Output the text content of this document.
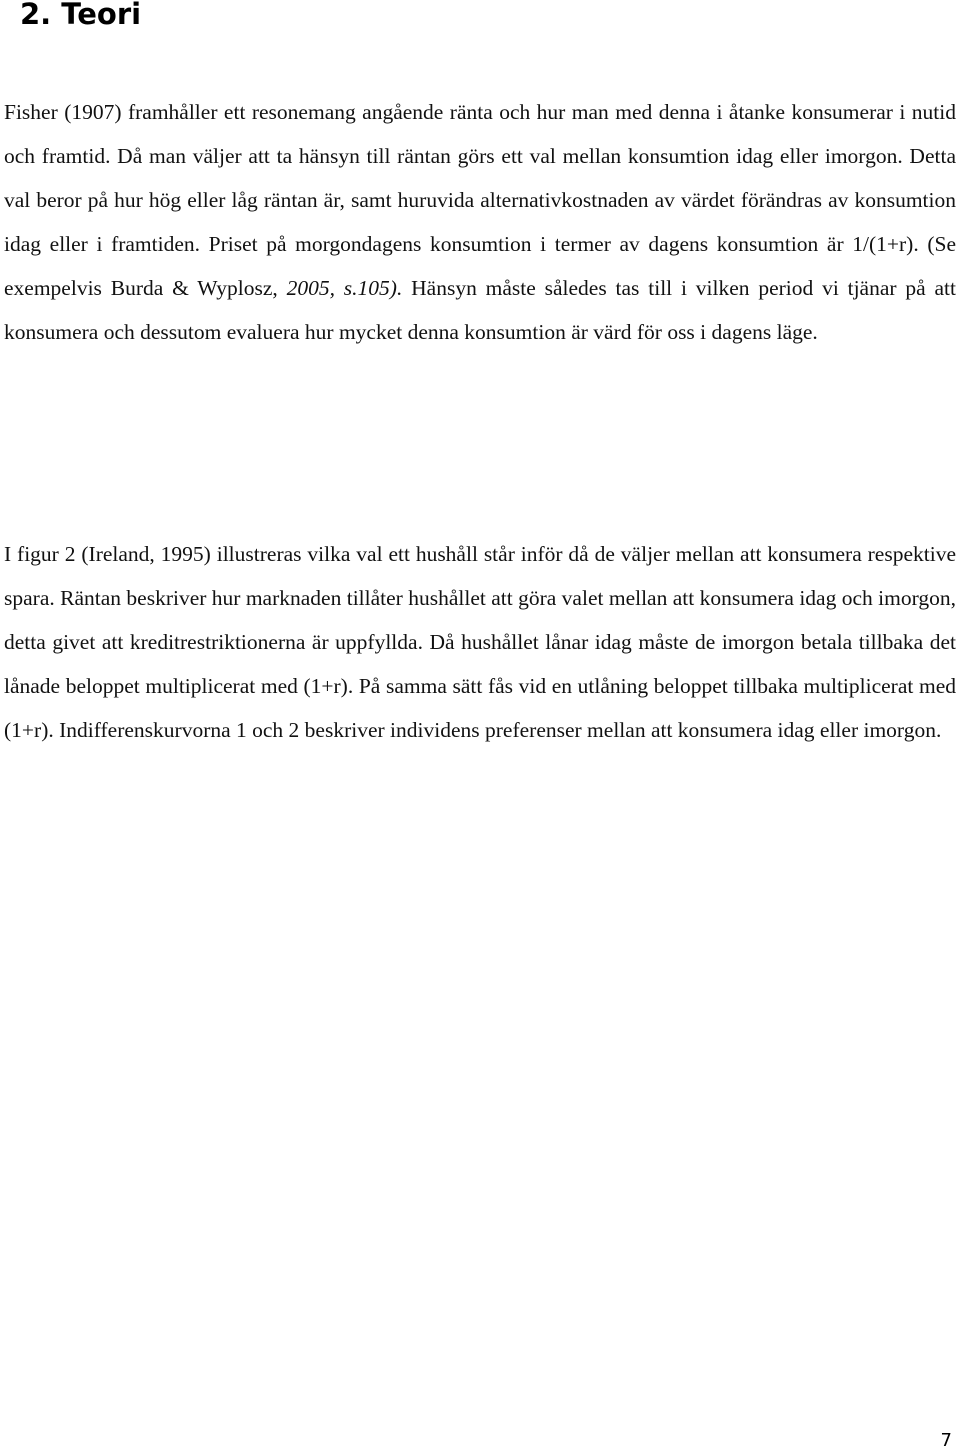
2. Teori

Fisher (1907) framhåller ett resonemang angående ränta och hur man med denna i åtanke konsumerar i nutid och framtid. Då man väljer att ta hänsyn till räntan görs ett val mellan konsumtion idag eller imorgon. Detta val beror på hur hög eller låg räntan är, samt huruvida alternativkostnaden av värdet förändras av konsumtion idag eller i framtiden. Priset på morgondagens konsumtion i termer av dagens konsumtion är 1/(1+r). (Se exempelvis Burda & Wyplosz, 2005, s.105). Hänsyn måste således tas till i vilken period vi tjänar på att konsumera och dessutom evaluera hur mycket denna konsumtion är värd för oss i dagens läge.

I figur 2 (Ireland, 1995) illustreras vilka val ett hushåll står inför då de väljer mellan att konsumera respektive spara. Räntan beskriver hur marknaden tillåter hushållet att göra valet mellan att konsumera idag och imorgon, detta givet att kreditrestriktionerna är uppfyllda. Då hushållet lånar idag måste de imorgon betala tillbaka det lånade beloppet multiplicerat med (1+r). På samma sätt fås vid en utlåning beloppet tillbaka multiplicerat med (1+r). Indifferenskurvorna 1 och 2 beskriver individens preferenser mellan att konsumera idag eller imorgon.

7
